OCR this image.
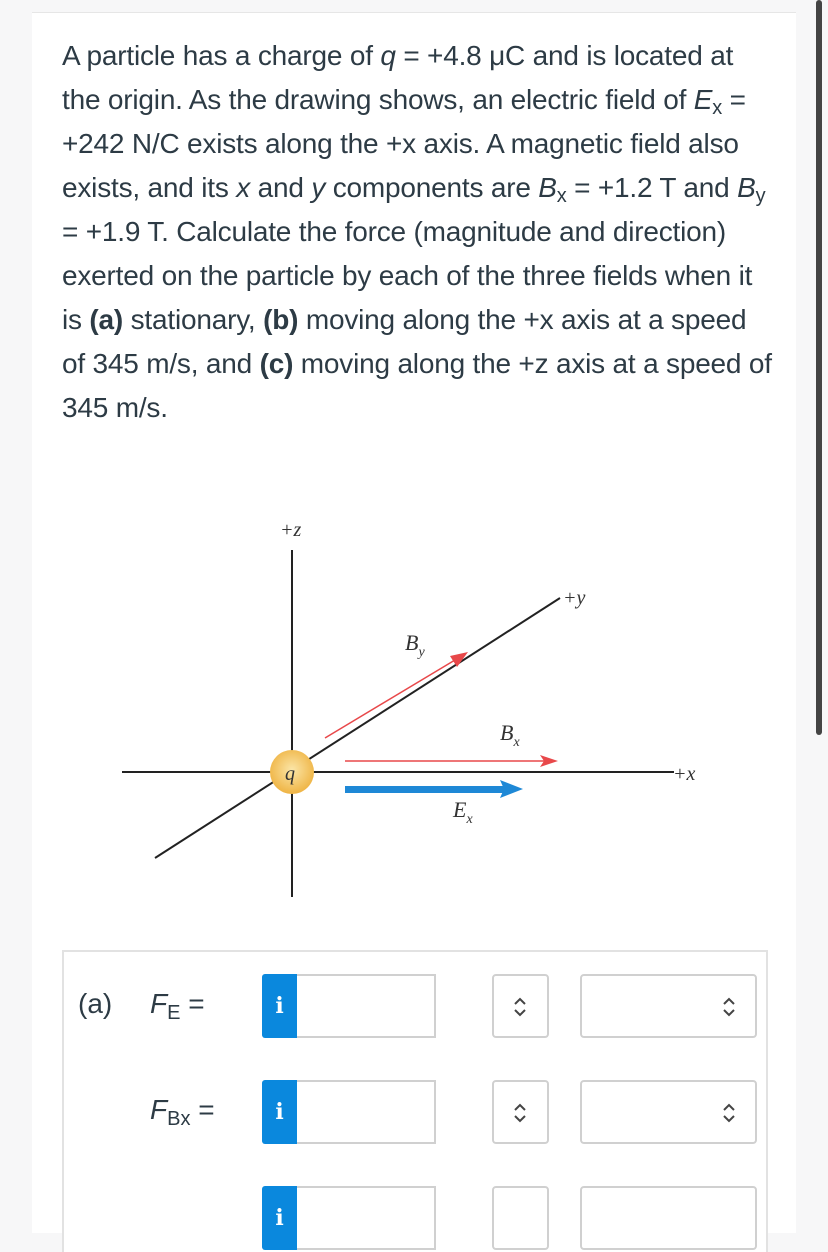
A particle has a charge of q = +4.8 μC and is located at the origin. As the drawing shows, an electric field of $E_x = +242$ N/C exists along the +x axis. A magnetic field also exists, and its x and y components are $B_x = +1.2$ T and $B_y = +1.9$ T. Calculate the force (magnitude and direction) exerted on the particle by each of the three fields when it is (a) stationary, (b) moving along the +x axis at a speed of 345 m/s, and (c) moving along the +z axis at a speed of 345 m/s.
q
+z
+y
+x
$B_y$
$B_x$
$E_x$
(a) $F_E$ =	i
$F_{Bx}$ =	i
i
